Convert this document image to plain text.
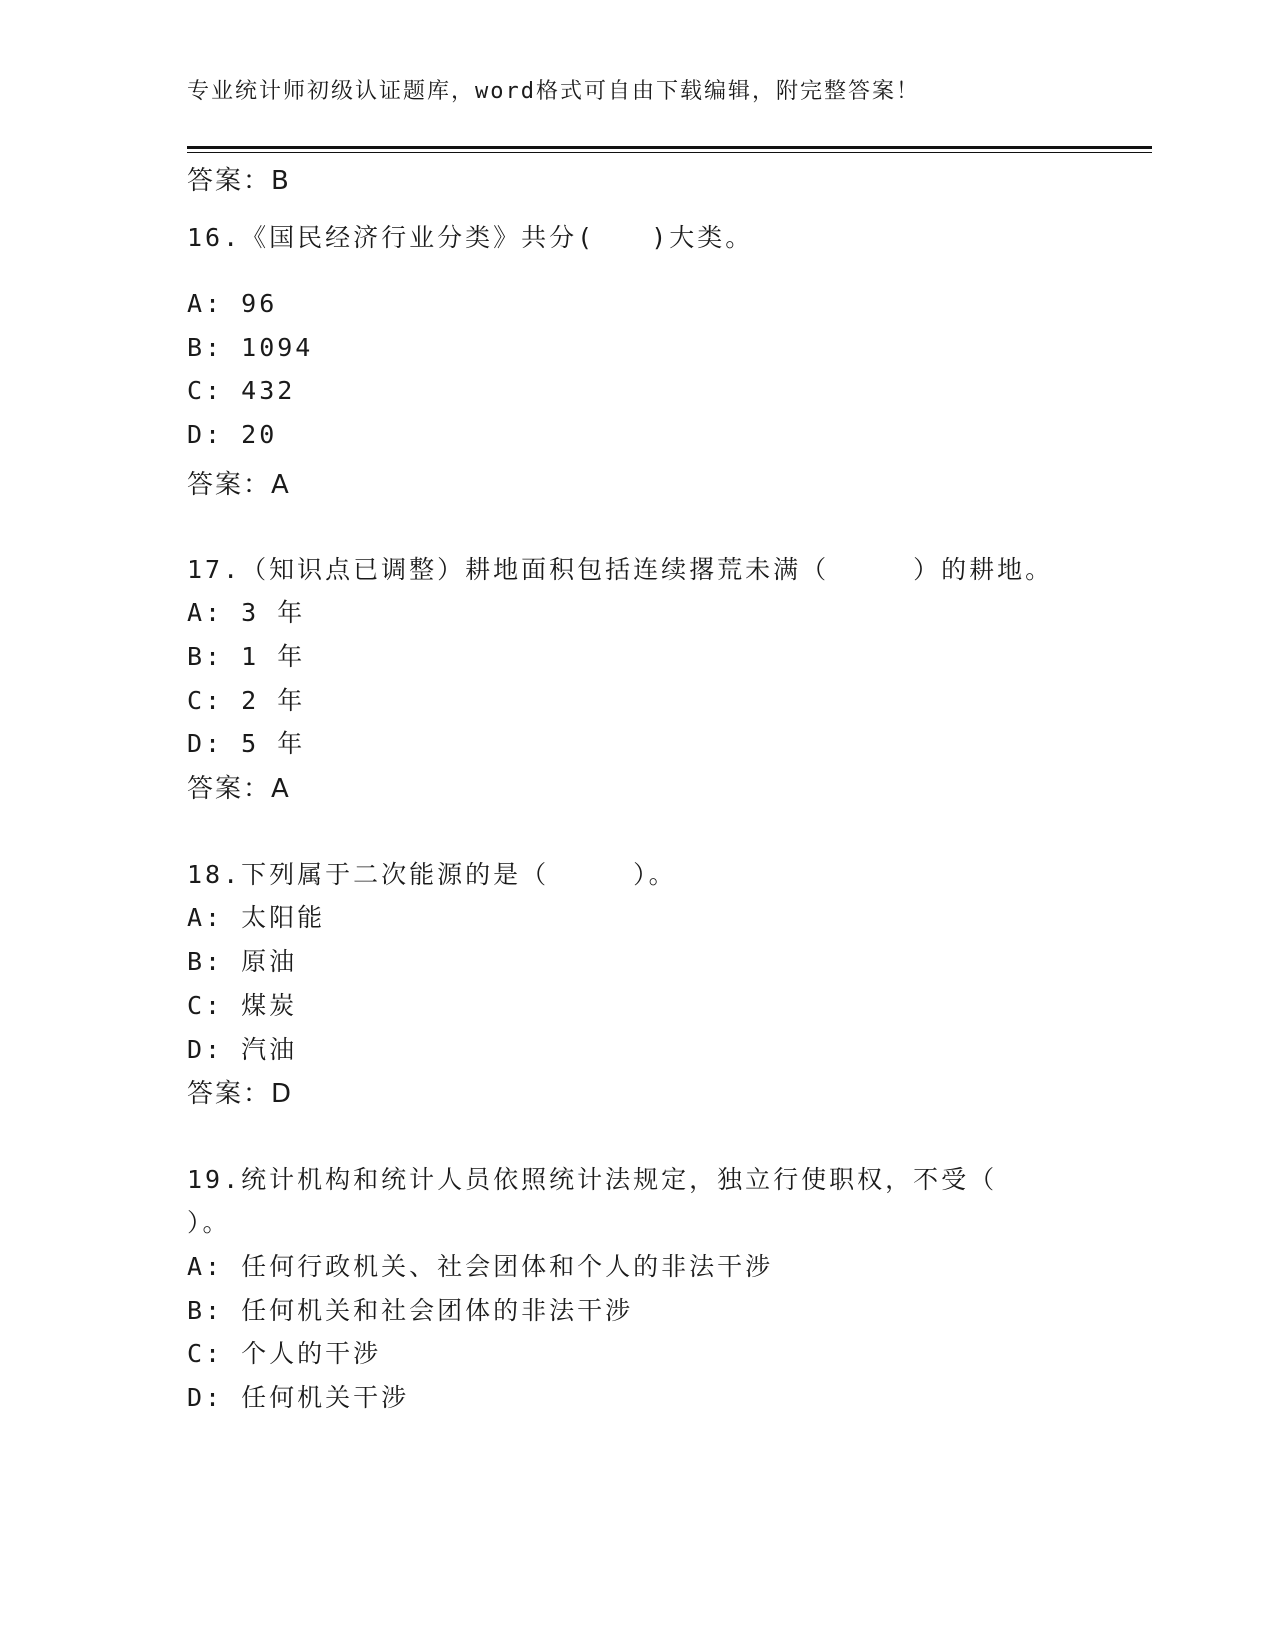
专业统计师初级认证题库，word格式可自由下载编辑，附完整答案！
答案：B
16.《国民经济行业分类》共分(　　)大类。
A: 96
B: 1094
C: 432
D: 20
答案：A
17.（知识点已调整）耕地面积包括连续撂荒未满（　　　）的耕地。
A: 3 年
B: 1 年
C: 2 年
D: 5 年
答案：A
18.下列属于二次能源的是（　　　）。
A: 太阳能
B: 原油
C: 煤炭
D: 汽油
答案：D
19.统计机构和统计人员依照统计法规定，独立行使职权，不受（
）。
A: 任何行政机关、社会团体和个人的非法干涉
B: 任何机关和社会团体的非法干涉
C: 个人的干涉
D: 任何机关干涉
